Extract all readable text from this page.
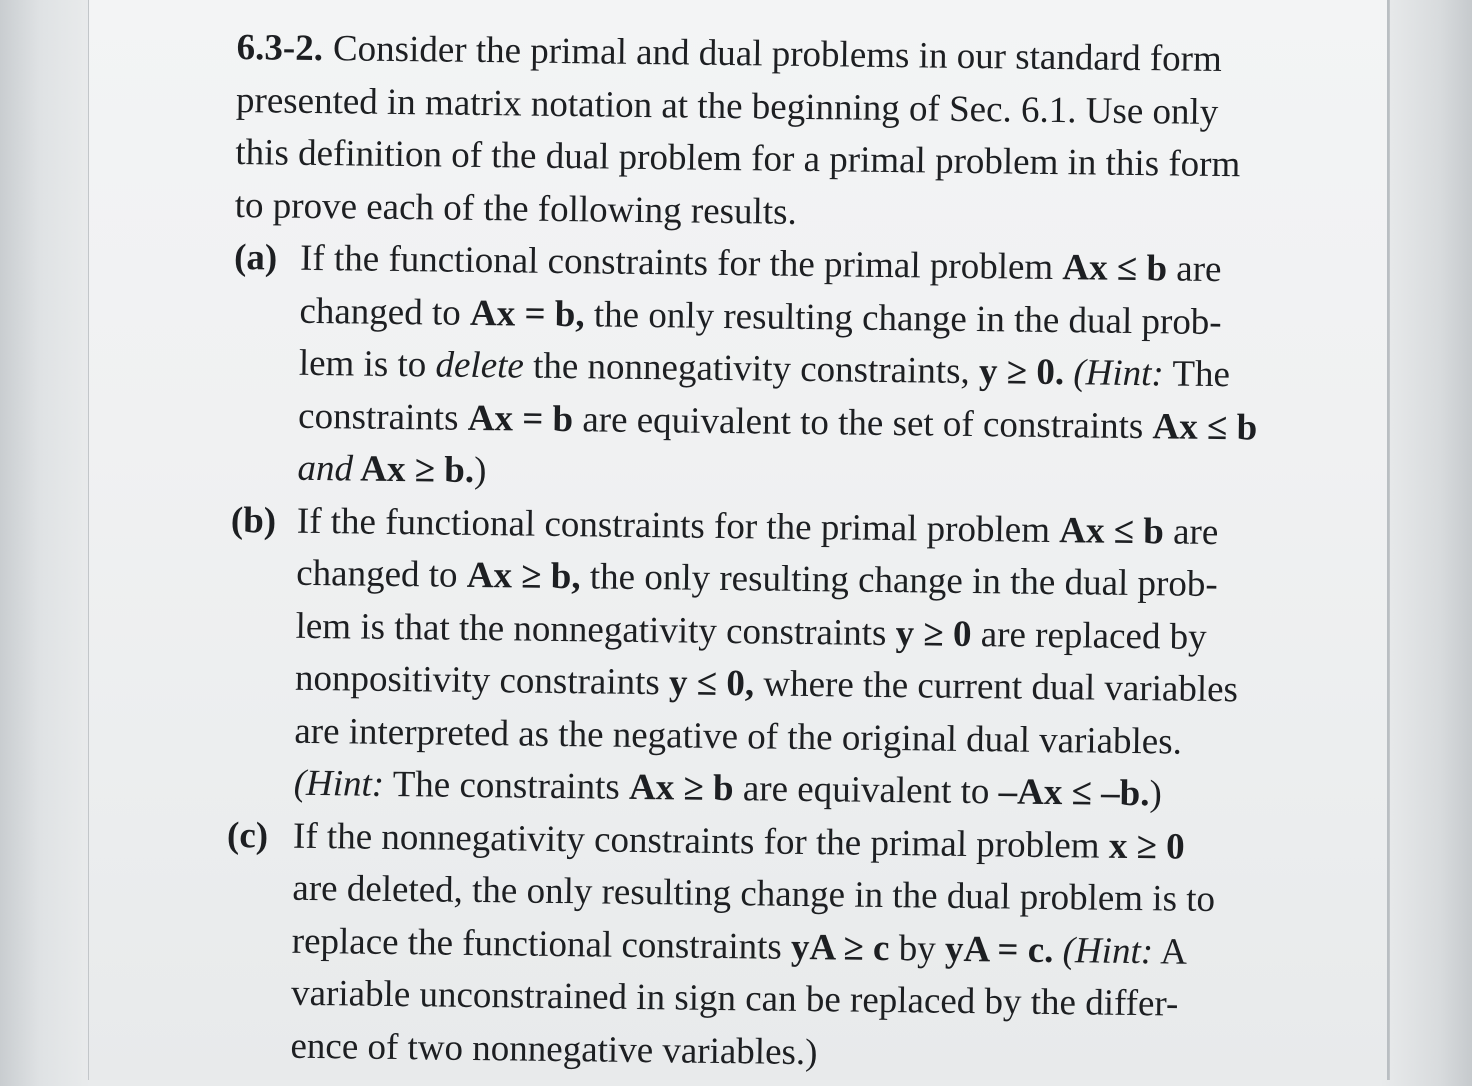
6.3-2. Consider the primal and dual problems in our standard form
presented in matrix notation at the beginning of Sec. 6.1. Use only
this definition of the dual problem for a primal problem in this form
to prove each of the following results.

(a) If the functional constraints for the primal problem Ax ≤ b are
changed to Ax = b, the only resulting change in the dual prob-
lem is to delete the nonnegativity constraints, y ≥ 0. (Hint: The
constraints Ax = b are equivalent to the set of constraints Ax ≤ b
and Ax ≥ b.)
(b) If the functional constraints for the primal problem Ax ≤ b are
changed to Ax ≥ b, the only resulting change in the dual prob-
lem is that the nonnegativity constraints y ≥ 0 are replaced by
nonpositivity constraints y ≤ 0, where the current dual variables
are interpreted as the negative of the original dual variables.
(Hint: The constraints Ax ≥ b are equivalent to –Ax ≤ –b.)
(c) If the nonnegativity constraints for the primal problem x ≥ 0
are deleted, the only resulting change in the dual problem is to
replace the functional constraints yA ≥ c by yA = c. (Hint: A
variable unconstrained in sign can be replaced by the differ-
ence of two nonnegative variables.)
